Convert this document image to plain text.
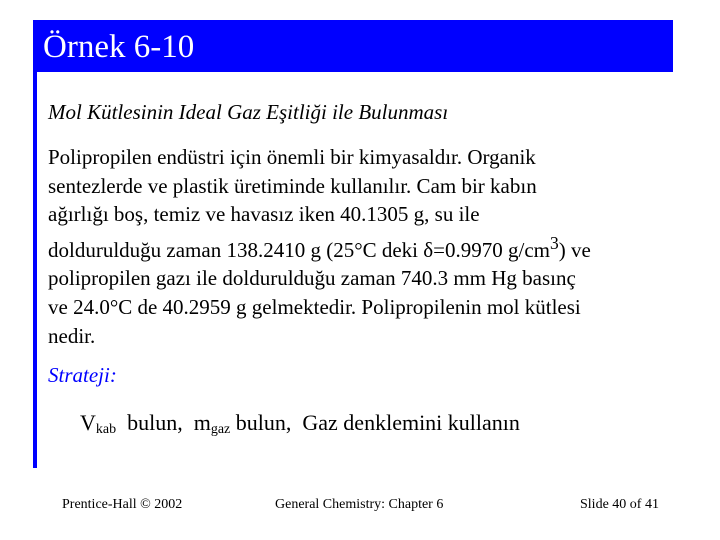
Örnek 6-10
Mol Kütlesinin Ideal Gaz Eşitliği ile Bulunması
Polipropilen endüstri için önemli bir kimyasaldır. Organik
sentezlerde ve plastik üretiminde kullanılır. Cam bir kabın
ağırlığı boş, temiz ve havasız iken 40.1305 g, su ile
doldurulduğu zaman 138.2410 g (25°C deki δ=0.9970 $g/cm^3$) ve
polipropilen gazı ile doldurulduğu zaman 740.3 mm Hg basınç
ve 24.0°C de 40.2959 g gelmektedir. Polipropilenin mol kütlesi
nedir.
Strateji:
$V_{kab}$  bulun,  $m_{gaz}$ bulun,  Gaz denklemini kullanın
Prentice-Hall © 2002	General Chemistry: Chapter 6	Slide 40 of 41
